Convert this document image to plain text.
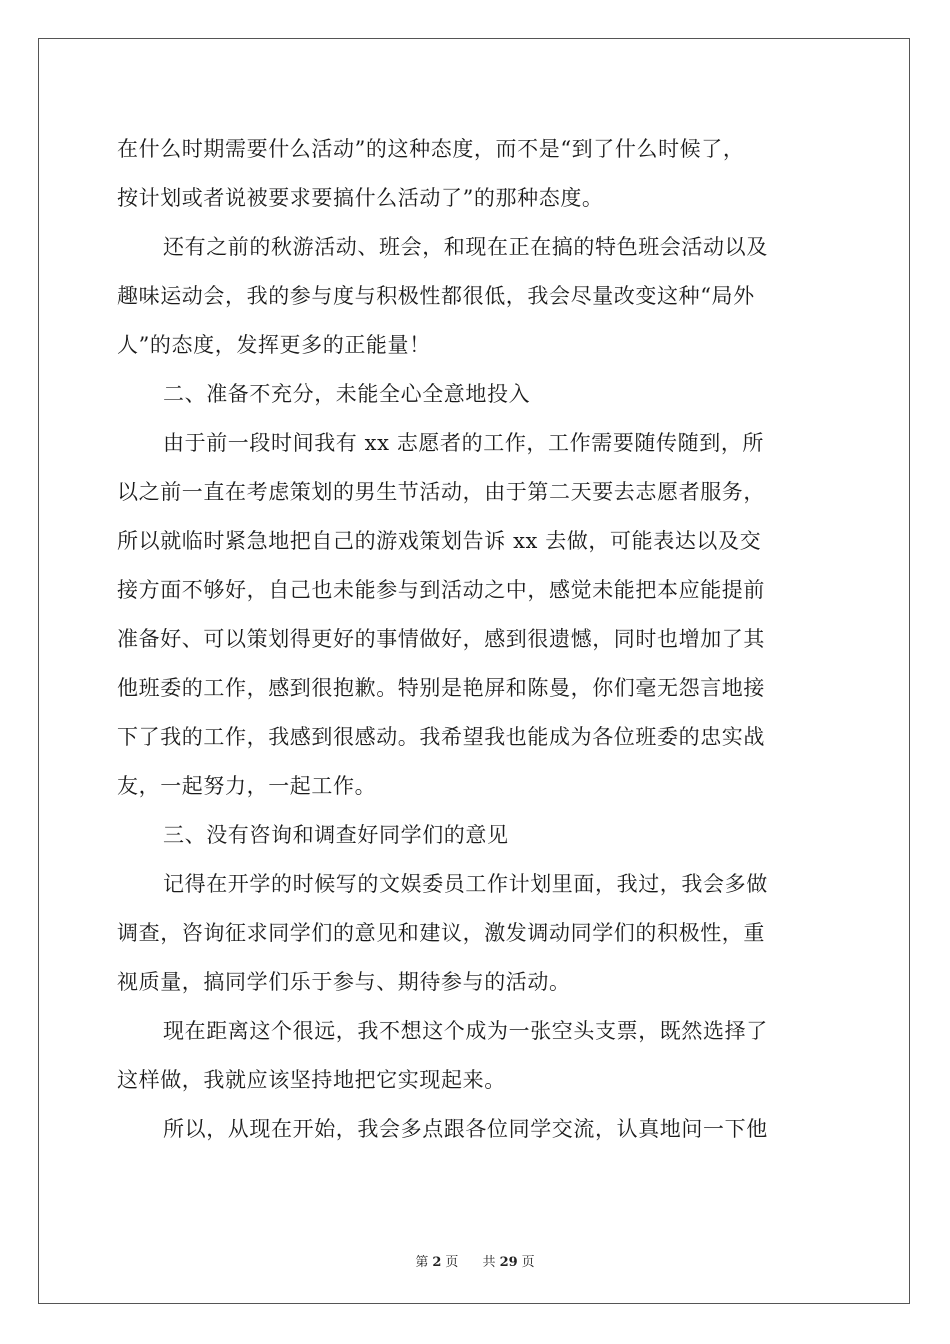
在什么时期需要什么活动”的这种态度，而不是“到了什么时候了，
按计划或者说被要求要搞什么活动了”的那种态度。
还有之前的秋游活动、班会，和现在正在搞的特色班会活动以及
趣味运动会，我的参与度与积极性都很低，我会尽量改变这种“局外
人”的态度，发挥更多的正能量！
二、准备不充分，未能全心全意地投入
由于前一段时间我有 xx 志愿者的工作，工作需要随传随到，所
以之前一直在考虑策划的男生节活动，由于第二天要去志愿者服务，
所以就临时紧急地把自己的游戏策划告诉 xx 去做，可能表达以及交
接方面不够好，自己也未能参与到活动之中，感觉未能把本应能提前
准备好、可以策划得更好的事情做好，感到很遗憾，同时也增加了其
他班委的工作，感到很抱歉。特别是艳屏和陈曼，你们毫无怨言地接
下了我的工作，我感到很感动。我希望我也能成为各位班委的忠实战
友，一起努力，一起工作。
三、没有咨询和调查好同学们的意见
记得在开学的时候写的文娱委员工作计划里面，我过，我会多做
调查，咨询征求同学们的意见和建议，激发调动同学们的积极性，重
视质量，搞同学们乐于参与、期待参与的活动。
现在距离这个很远，我不想这个成为一张空头支票，既然选择了
这样做，我就应该坚持地把它实现起来。
所以，从现在开始，我会多点跟各位同学交流，认真地问一下他
第 2 页 共 29 页
